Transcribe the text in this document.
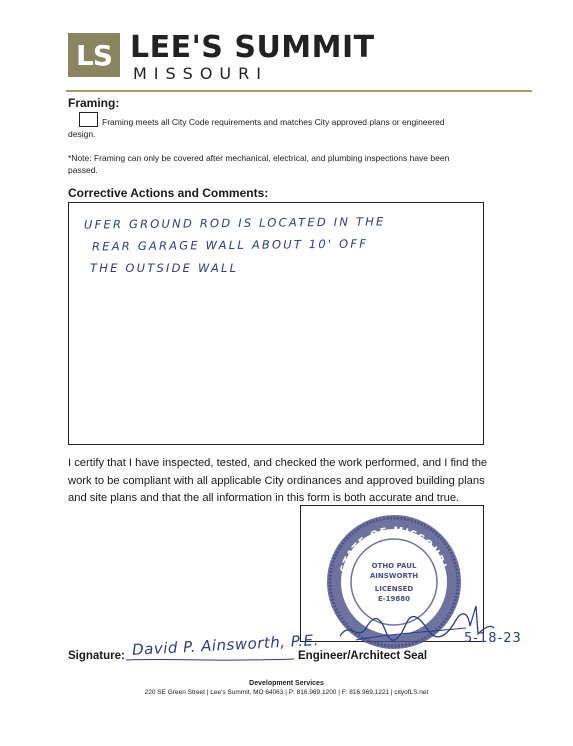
LS LEE'S SUMMIT
MISSOURI
Framing:
Framing meets all City Code requirements and matches City approved plans or engineered
design.
*Note: Framing can only be covered after mechanical, electrical, and plumbing inspections have been
passed.
Corrective Actions and Comments:
UFER GROUND ROD IS LOCATED IN THE
REAR GARAGE WALL ABOUT 10' OFF
THE OUTSIDE WALL
I certify that I have inspected, tested, and checked the work performed, and I find the work to be compliant with all applicable City ordinances and approved building plans and site plans and that the all information in this form is both accurate and true.
STATE OF MISSOURI
OTHO PAUL
AINSWORTH
LICENSED
E-19880
5-18-23
Signature: David P. Ainsworth, P.E.
Engineer/Architect Seal
Development Services
220 SE Green Street | Lee's Summit, MO 64063 | P: 816.969.1200 | F: 816.969.1221 | cityofLS.net
